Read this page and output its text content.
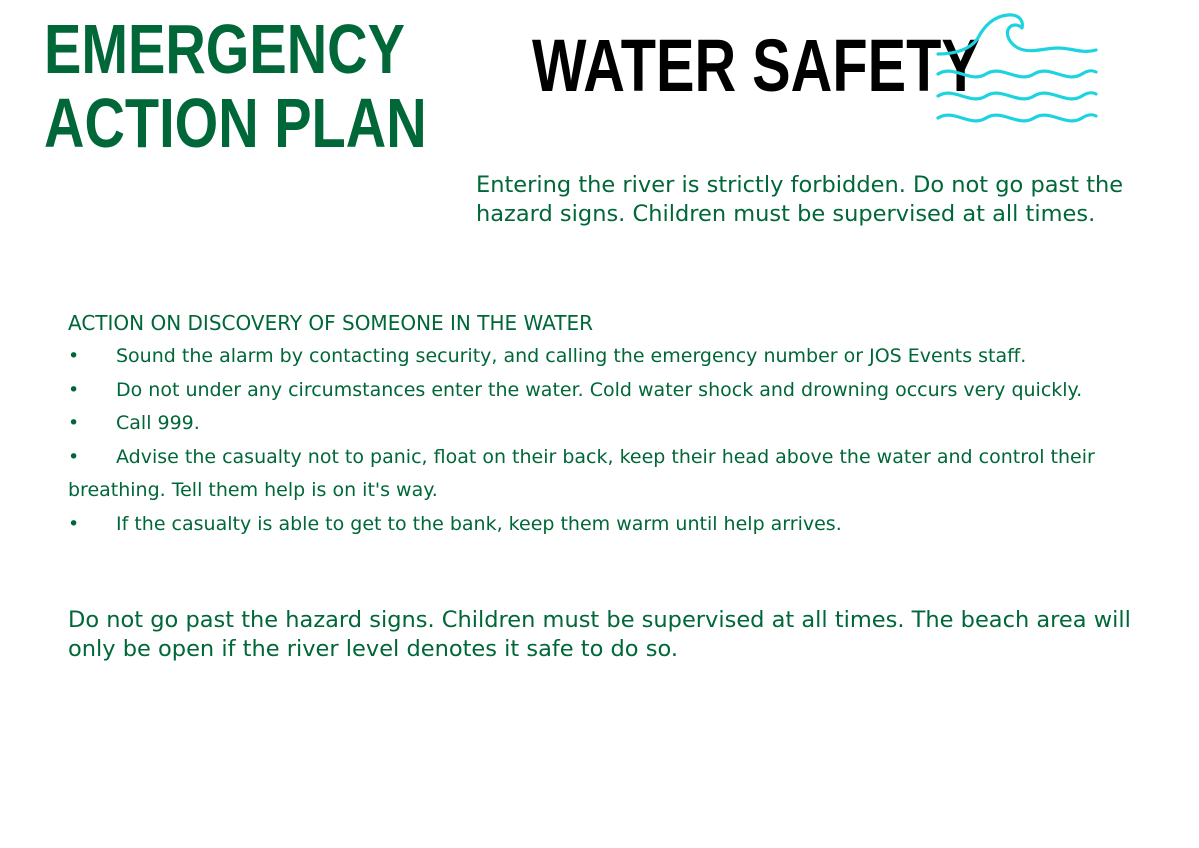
EMERGENCY
ACTION PLAN
WATER SAFETY

Entering the river is strictly forbidden. Do not go past the hazard signs. Children must be supervised at all times.

ACTION ON DISCOVERY OF SOMEONE IN THE WATER

• Sound the alarm by contacting security, and calling the emergency number or JOS Events staff.
• Do not under any circumstances enter the water. Cold water shock and drowning occurs very quickly.
• Call 999.
• Advise the casualty not to panic, float on their back, keep their head above the water and control their breathing. Tell them help is on it's way.
• If the casualty is able to get to the bank, keep them warm until help arrives.

Do not go past the hazard signs. Children must be supervised at all times. The beach area will only be open if the river level denotes it safe to do so.
